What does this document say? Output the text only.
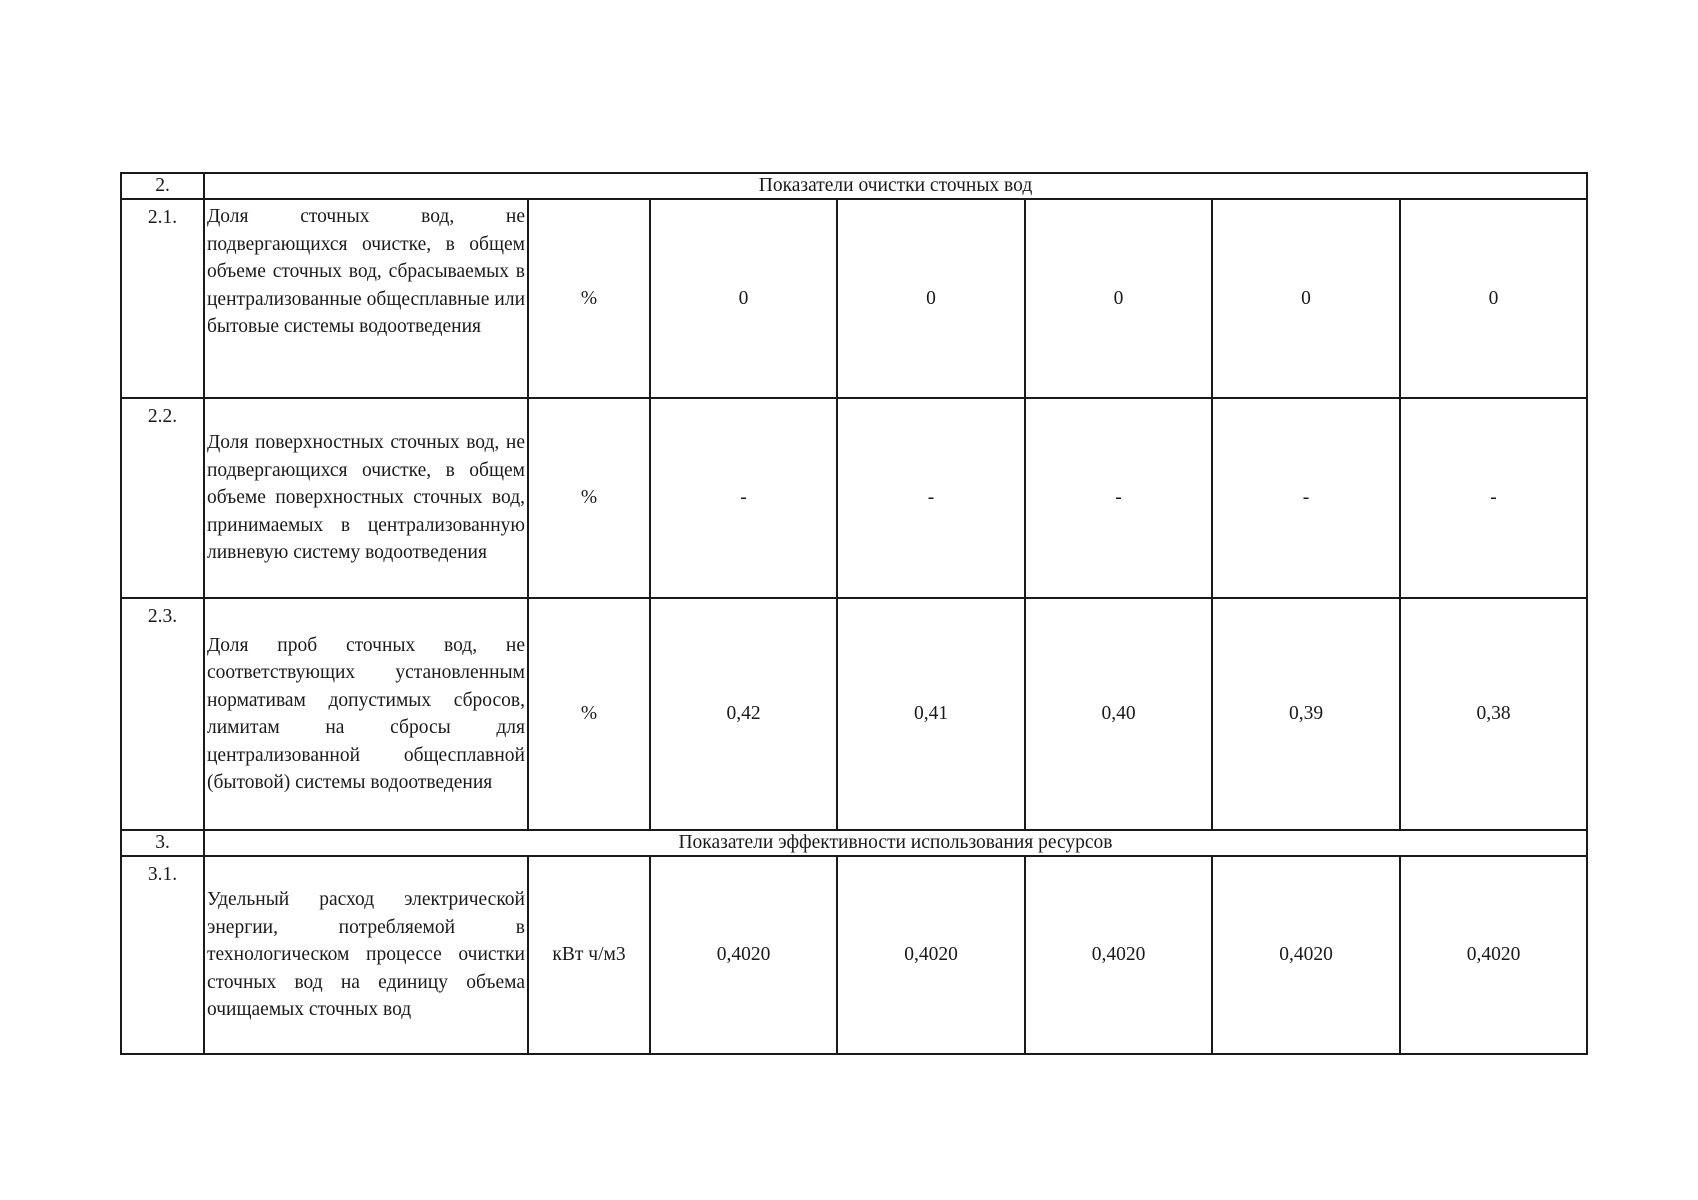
2.	Показатели очистки сточных вод						
2.1.	Доля сточных вод, не подвергающихся очистке, в общем объеме сточных вод, сбрасываемых в централизованные общесплавные или бытовые системы водоотведения	%	0	0	0	0	0
2.2.	Доля поверхностных сточных вод, не подвергающихся очистке, в общем объеме поверхностных сточных вод, принимаемых в централизованную ливневую систему водоотведения	%	-	-	-	-	-
2.3.	Доля проб сточных вод, не соответствующих установленным нормативам допустимых сбросов, лимитам на сбросы для централизованной общесплавной (бытовой) системы водоотведения	%	0,42	0,41	0,40	0,39	0,38
3.	Показатели эффективности использования ресурсов						
3.1.	Удельный расход электрической энергии, потребляемой в технологическом процессе очистки сточных вод на единицу объема очищаемых сточных вод	кВт ч/м3	0,4020	0,4020	0,4020	0,4020	0,4020
